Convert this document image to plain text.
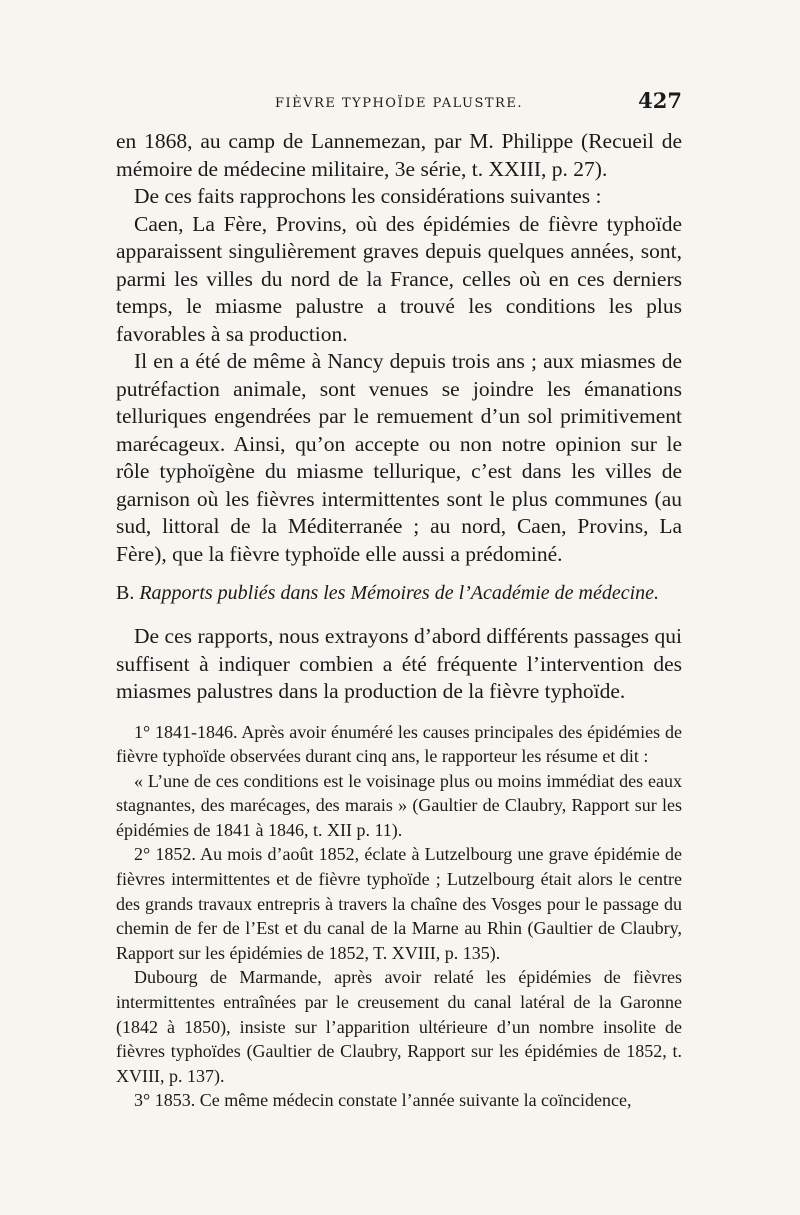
FIÈVRE TYPHOÏDE PALUSTRE.	427

en 1868, au camp de Lannemezan, par M. Philippe (Recueil de mémoire de médecine militaire, 3e série, t. XXIII, p. 27).

De ces faits rapprochons les considérations suivantes :

Caen, La Fère, Provins, où des épidémies de fièvre typhoïde apparaissent singulièrement graves depuis quelques années, sont, parmi les villes du nord de la France, celles où en ces derniers temps, le miasme palustre a trouvé les conditions les plus favorables à sa production.

Il en a été de même à Nancy depuis trois ans ; aux miasmes de putréfaction animale, sont venues se joindre les émanations telluriques engendrées par le remuement d’un sol primitivement marécageux. Ainsi, qu’on accepte ou non notre opinion sur le rôle typhoïgène du miasme tellurique, c’est dans les villes de garnison où les fièvres intermittentes sont le plus communes (au sud, littoral de la Méditerranée ; au nord, Caen, Provins, La Fère), que la fièvre typhoïde elle aussi a prédominé.

B. Rapports publiés dans les Mémoires de l’Académie de médecine.

De ces rapports, nous extrayons d’abord différents passages qui suffisent à indiquer combien a été fréquente l’intervention des miasmes palustres dans la production de la fièvre typhoïde.

1° 1841-1846. Après avoir énuméré les causes principales des épidémies de fièvre typhoïde observées durant cinq ans, le rapporteur les résume et dit :

« L’une de ces conditions est le voisinage plus ou moins immédiat des eaux stagnantes, des marécages, des marais » (Gaultier de Claubry, Rapport sur les épidémies de 1841 à 1846, t. XII p. 11).

2° 1852. Au mois d’août 1852, éclate à Lutzelbourg une grave épidémie de fièvres intermittentes et de fièvre typhoïde ; Lutzelbourg était alors le centre des grands travaux entrepris à travers la chaîne des Vosges pour le passage du chemin de fer de l’Est et du canal de la Marne au Rhin (Gaultier de Claubry, Rapport sur les épidémies de 1852, T. XVIII, p. 135).

Dubourg de Marmande, après avoir relaté les épidémies de fièvres intermittentes entraînées par le creusement du canal latéral de la Garonne (1842 à 1850), insiste sur l’apparition ultérieure d’un nombre insolite de fièvres typhoïdes (Gaultier de Claubry, Rapport sur les épidémies de 1852, t. XVIII, p. 137).

3° 1853. Ce même médecin constate l’année suivante la coïncidence,
